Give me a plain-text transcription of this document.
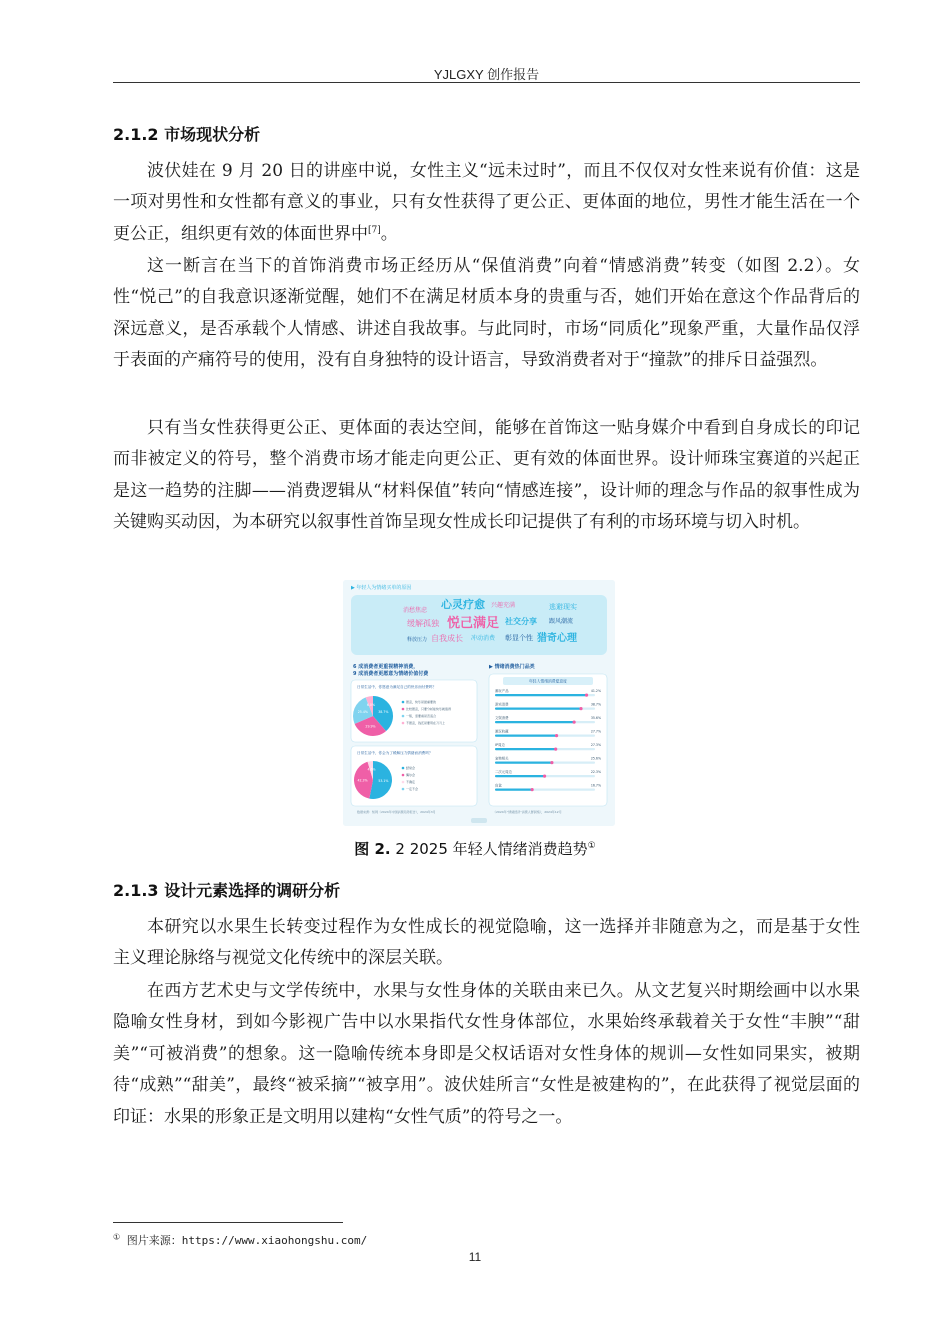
YJLGXY 创作报告
2.1.2 市场现状分析

波伏娃在 9 月 20 日的讲座中说，女性主义“远未过时”，而且不仅仅对女性来说有价值：这是一项对男性和女性都有意义的事业，只有女性获得了更公正、更体面的地位，男性才能生活在一个更公正，组织更有效的体面世界中[7]。

这一断言在当下的首饰消费市场正经历从“保值消费”向着“情感消费”转变（如图 2.2）。女性“悦己”的自我意识逐渐觉醒，她们不在满足材质本身的贵重与否，她们开始在意这个作品背后的深远意义，是否承载个人情感、讲述自我故事。与此同时，市场“同质化”现象严重，大量作品仅浮于表面的产痛符号的使用，没有自身独特的设计语言，导致消费者对于“撞款”的排斥日益强烈。

只有当女性获得更公正、更体面的表达空间，能够在首饰这一贴身媒介中看到自身成长的印记而非被定义的符号，整个消费市场才能走向更公正、更有效的体面世界。设计师珠宝赛道的兴起正是这一趋势的注脚——消费逻辑从“材料保值”转向“情感连接”，设计师的理念与作品的叙事性成为关键购买动因，为本研究以叙事性首饰呈现女性成长印记提供了有利的市场环境与切入时机。

▶ 年轻人为情绪买单的原因
消愁焦虑 心灵疗愈 兴趣充满	逃避现实
缓解孤独 悦己满足 社交分享 跟风潮流
释放压力 自我成长 冲动消费 彰显个性 猎奇心理
6 成消费者更重视精神消费，
9 成消费者更愿意为情绪价值付费
日常生活中，你愿意为满足自己的快乐而付费吗？
38.7%
29.9%
25.4%
6.0%
愿意，快乐是最重要的
比较愿意，只要分析能快乐就值得
一般，需要看是否适合
不愿意，钱还是要用在刀刃上
日常生活中，你会为了缓解压力情绪而消费吗？
53.1%
42.3%
4.6%	经常会
偶尔会
不确定
一定不会
▶ 情绪消费热门品类
年轻人情绪消费愿意度
潮玩产品	41.2%
游戏消费	38.7%
文娱消费	35.6%
潮玩收藏	27.7%
IP周边	27.3%
宠物相关	25.6%
二次元周边	22.3%
盲盒	16.7%
数据来源：知网《2024年中国消费趋势报告》，2024年3月	《2024年“情绪经济”消费人群洞察》，2024年12月
图 2. 2 2025 年轻人情绪消费趋势①
2.1.3 设计元素选择的调研分析

本研究以水果生长转变过程作为女性成长的视觉隐喻，这一选择并非随意为之，而是基于女性主义理论脉络与视觉文化传统中的深层关联。

在西方艺术史与文学传统中，水果与女性身体的关联由来已久。从文艺复兴时期绘画中以水果隐喻女性身材，到如今影视广告中以水果指代女性身体部位，水果始终承载着关于女性“丰腴”“甜美”“可被消费”的想象。这一隐喻传统本身即是父权话语对女性身体的规训—女性如同果实，被期待“成熟”“甜美”，最终“被采摘”“被享用”。波伏娃所言“女性是被建构的”，在此获得了视觉层面的印证：水果的形象正是文明用以建构“女性气质”的符号之一。

① 图片来源：https://www.xiaohongshu.com/
11
